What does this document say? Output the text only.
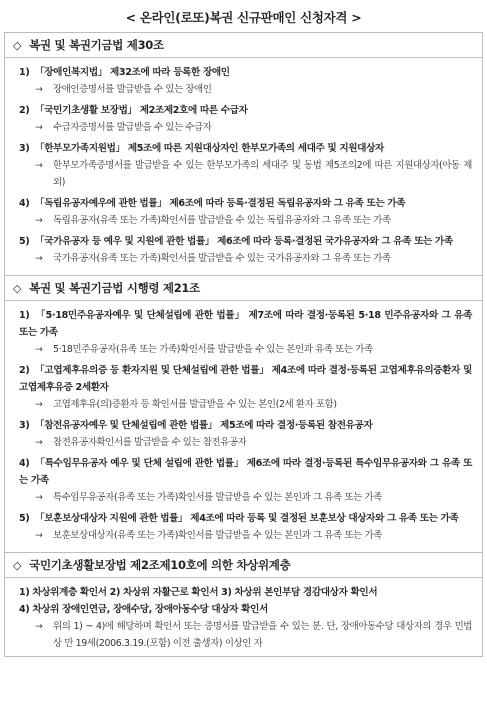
< 온라인(로또)복권 신규판매인 신청자격 >
◇ 복권 및 복권기금법 제30조
1) 「장애인복지법」 제32조에 따라 등록한 장애인
→	장애인증명서를 발급받을 수 있는 장애인
2) 「국민기초생활 보장법」 제2조제2호에 따른 수급자
→	수급자증명서를 발급받을 수 있는 수급자
3) 「한부모가족지원법」 제5조에 따른 지원대상자인 한부모가족의 세대주 및 지원대상자
→	한부모가족증명서를 발급받을 수 있는 한부모가족의 세대주 및 동법 제5조의2에 따른 지원대상자(아동 제외)
4) 「독립유공자예우에 관한 법률」 제6조에 따라 등록·결정된 독립유공자와 그 유족 또는 가족
→	독립유공자(유족 또는 가족)확인서를 발급받을 수 있는 독립유공자와 그 유족 또는 가족
5) 「국가유공자 등 예우 및 지원에 관한 법률」 제6조에 따라 등록·결정된 국가유공자와 그 유족 또는 가족
→	국가유공자(유족 또는 가족)확인서를 발급받을 수 있는 국가유공자와 그 유족 또는 가족
◇ 복권 및 복권기금법 시행령 제21조
1) 「5·18민주유공자예우 및 단체설립에 관한 법률」 제7조에 따라 결정·등록된 5·18 민주유공자와 그 유족 또는 가족
→	5·18민주유공자(유족 또는 가족)확인서를 발급받을 수 있는 본인과 유족 또는 가족
2) 「고엽제후유의증 등 환자지원 및 단체설립에 관한 법률」 제4조에 따라 결정·등록된 고엽제후유의증환자 및 고엽제후유증 2세환자
→	고엽제후유(의)증환자 등 확인서를 발급받을 수 있는 본인(2세 환자 포함)
3) 「참전유공자예우 및 단체설립에 관한 법률」 제5조에 따라 결정·등록된 참전유공자
→	참전유공자확인서를 발급받을 수 있는 참전유공자
4) 「특수임무유공자 예우 및 단체 설립에 관한 법률」 제6조에 따라 결정·등록된 특수임무유공자와 그 유족 또는 가족
→	특수임무유공자(유족 또는 가족)확인서를 발급받을 수 있는 본인과 그 유족 또는 가족
5) 「보훈보상대상자 지원에 관한 법률」 제4조에 따라 등록 및 결정된 보훈보상 대상자와 그 유족 또는 가족
→	보훈보상대상자(유족 또는 가족)확인서를 발급받을 수 있는 본인과 그 유족 또는 가족
◇ 국민기초생활보장법 제2조제10호에 의한 차상위계층
1) 차상위계층 확인서 2) 차상위 자활근로 확인서 3) 차상위 본인부담 경감대상자 확인서
4) 차상위 장애인연금, 장애수당, 장애아동수당 대상자 확인서
→	위의 1) ~ 4)에 해당하며 확인서 또는 증명서를 발급받을 수 있는 분. 단, 장애아동수당 대상자의 경우 민법상 만 19세(2006.3.19.(포함) 이전 출생자) 이상인 자
